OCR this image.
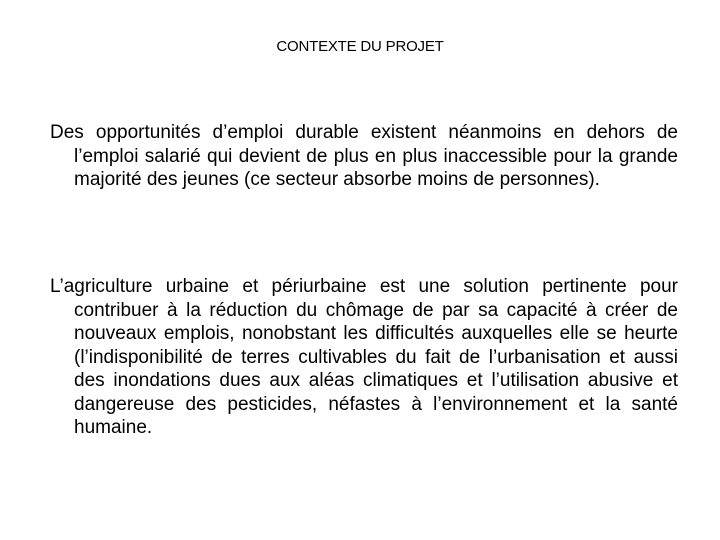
CONTEXTE DU PROJET

Des opportunités d’emploi durable existent néanmoins en dehors de l’emploi salarié qui devient de plus en plus inaccessible pour la grande majorité des jeunes (ce secteur absorbe moins de personnes).

L’agriculture urbaine et périurbaine est une solution pertinente pour contribuer à la réduction du chômage de par sa capacité à créer de nouveaux emplois, nonobstant les difficultés auxquelles elle se heurte (l’indisponibilité de terres cultivables du fait de l’urbanisation et aussi des inondations dues aux aléas climatiques et l’utilisation abusive et dangereuse des pesticides, néfastes à l’environnement et la santé humaine.
